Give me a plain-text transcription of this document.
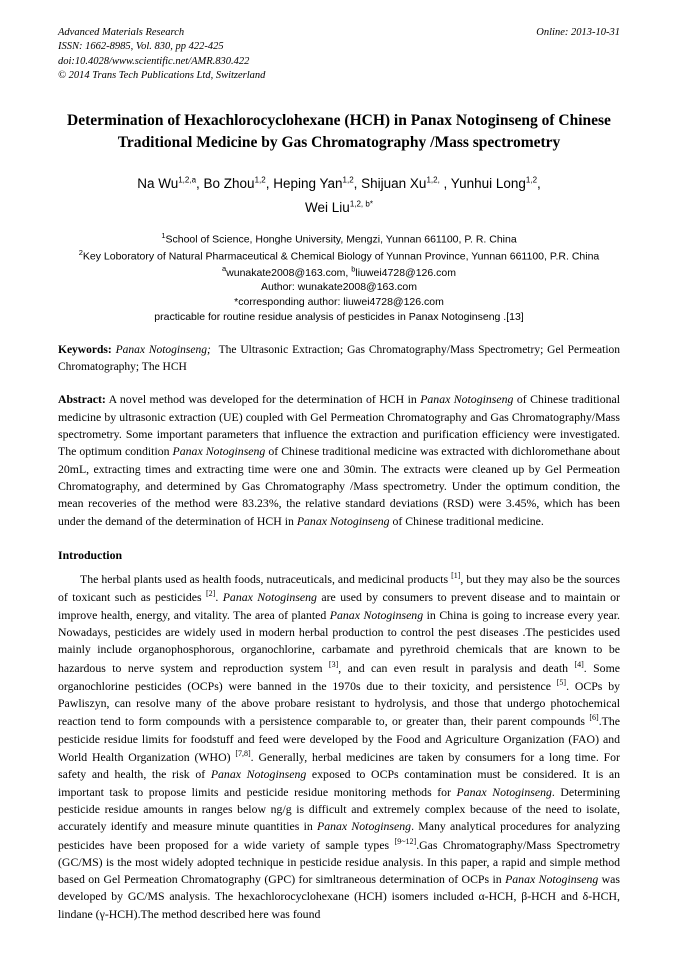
Advanced Materials Research	Online: 2013-10-31
ISSN: 1662-8985, Vol. 830, pp 422-425
doi:10.4028/www.scientific.net/AMR.830.422
© 2014 Trans Tech Publications Ltd, Switzerland
Determination of Hexachlorocyclohexane (HCH) in Panax Notoginseng of Chinese Traditional Medicine by Gas Chromatography /Mass spectrometry
Na Wu$^{1,2,a}$, Bo Zhou$^{1,2}$, Heping Yan$^{1,2}$, Shijuan $Xu^{1,2,}$ , Yunhui Long$^{1,2}$,
Wei Liu$^{1,2, b*}$
$^1$School of Science, Honghe University, Mengzi, Yunnan 661100, P. R. China
$^2$Key Loboratory of Natural Pharmaceutical & Chemical Biology of Yunnan Province, Yunnan 661100, P.R. China
$^a$wunakate2008@163.com, $^b$liuwei4728@126.com
Author: wunakate2008@163.com
*corresponding author: liuwei4728@126.com
practicable for routine residue analysis of pesticides in Panax Notoginseng .[13]
Keywords: Panax Notoginseng;  The Ultrasonic Extraction; Gas Chromatography/Mass Spectrometry; Gel Permeation Chromatography; The HCH
Abstract: A novel method was developed for the determination of HCH in Panax Notoginseng of Chinese traditional medicine by ultrasonic extraction (UE) coupled with Gel Permeation Chromatography and Gas Chromatography/Mass spectrometry. Some important parameters that influence the extraction and purification efficiency were investigated. The optimum condition Panax Notoginseng of Chinese traditional medicine was extracted with dichloromethane about 20mL, extracting times and extracting time were one and 30min. The extracts were cleaned up by Gel Permeation Chromatography, and determined by Gas Chromatography /Mass spectrometry. Under the optimum condition, the mean recoveries of the method were 83.23%, the relative standard deviations (RSD) were 3.45%, which has been under the demand of the determination of HCH in Panax Notoginseng of Chinese traditional medicine.
Introduction
The herbal plants used as health foods, nutraceuticals, and medicinal products [1], but they may also be the sources of toxicant such as pesticides [2]. Panax Notoginseng are used by consumers to prevent disease and to maintain or improve health, energy, and vitality. The area of planted Panax Notoginseng in China is going to increase every year. Nowadays, pesticides are widely used in modern herbal production to control the pest diseases .The pesticides used mainly include organophosphorous, organochlorine, carbamate and pyrethroid chemicals that are known to be hazardous to nerve system and reproduction system [3], and can even result in paralysis and death [4]. Some organochlorine pesticides (OCPs) were banned in the 1970s due to their toxicity, and persistence [5]. OCPs by Pawliszyn, can resolve many of the above probare resistant to hydrolysis, and those that undergo photochemical reaction tend to form compounds with a persistence comparable to, or greater than, their parent compounds [6].The pesticide residue limits for foodstuff and feed were developed by the Food and Agriculture Organization (FAO) and World Health Organization (WHO) [7,8]. Generally, herbal medicines are taken by consumers for a long time. For safety and health, the risk of Panax Notoginseng exposed to OCPs contamination must be considered. It is an important task to propose limits and pesticide residue monitoring methods for Panax Notoginseng. Determining pesticide residue amounts in ranges below ng/g is difficult and extremely complex because of the need to isolate, accurately identify and measure minute quantities in Panax Notoginseng. Many analytical procedures for analyzing pesticides have been proposed for a wide variety of sample types [9~12].Gas Chromatography/Mass Spectrometry (GC/MS) is the most widely adopted technique in pesticide residue analysis. In this paper, a rapid and simple method based on Gel Permeation Chromatography (GPC) for simltraneous determination of OCPs in Panax Notoginseng was developed by GC/MS analysis. The hexachlorocyclohexane (HCH) isomers included α-HCH, β-HCH and δ-HCH, lindane (γ-HCH).The method described here was found
